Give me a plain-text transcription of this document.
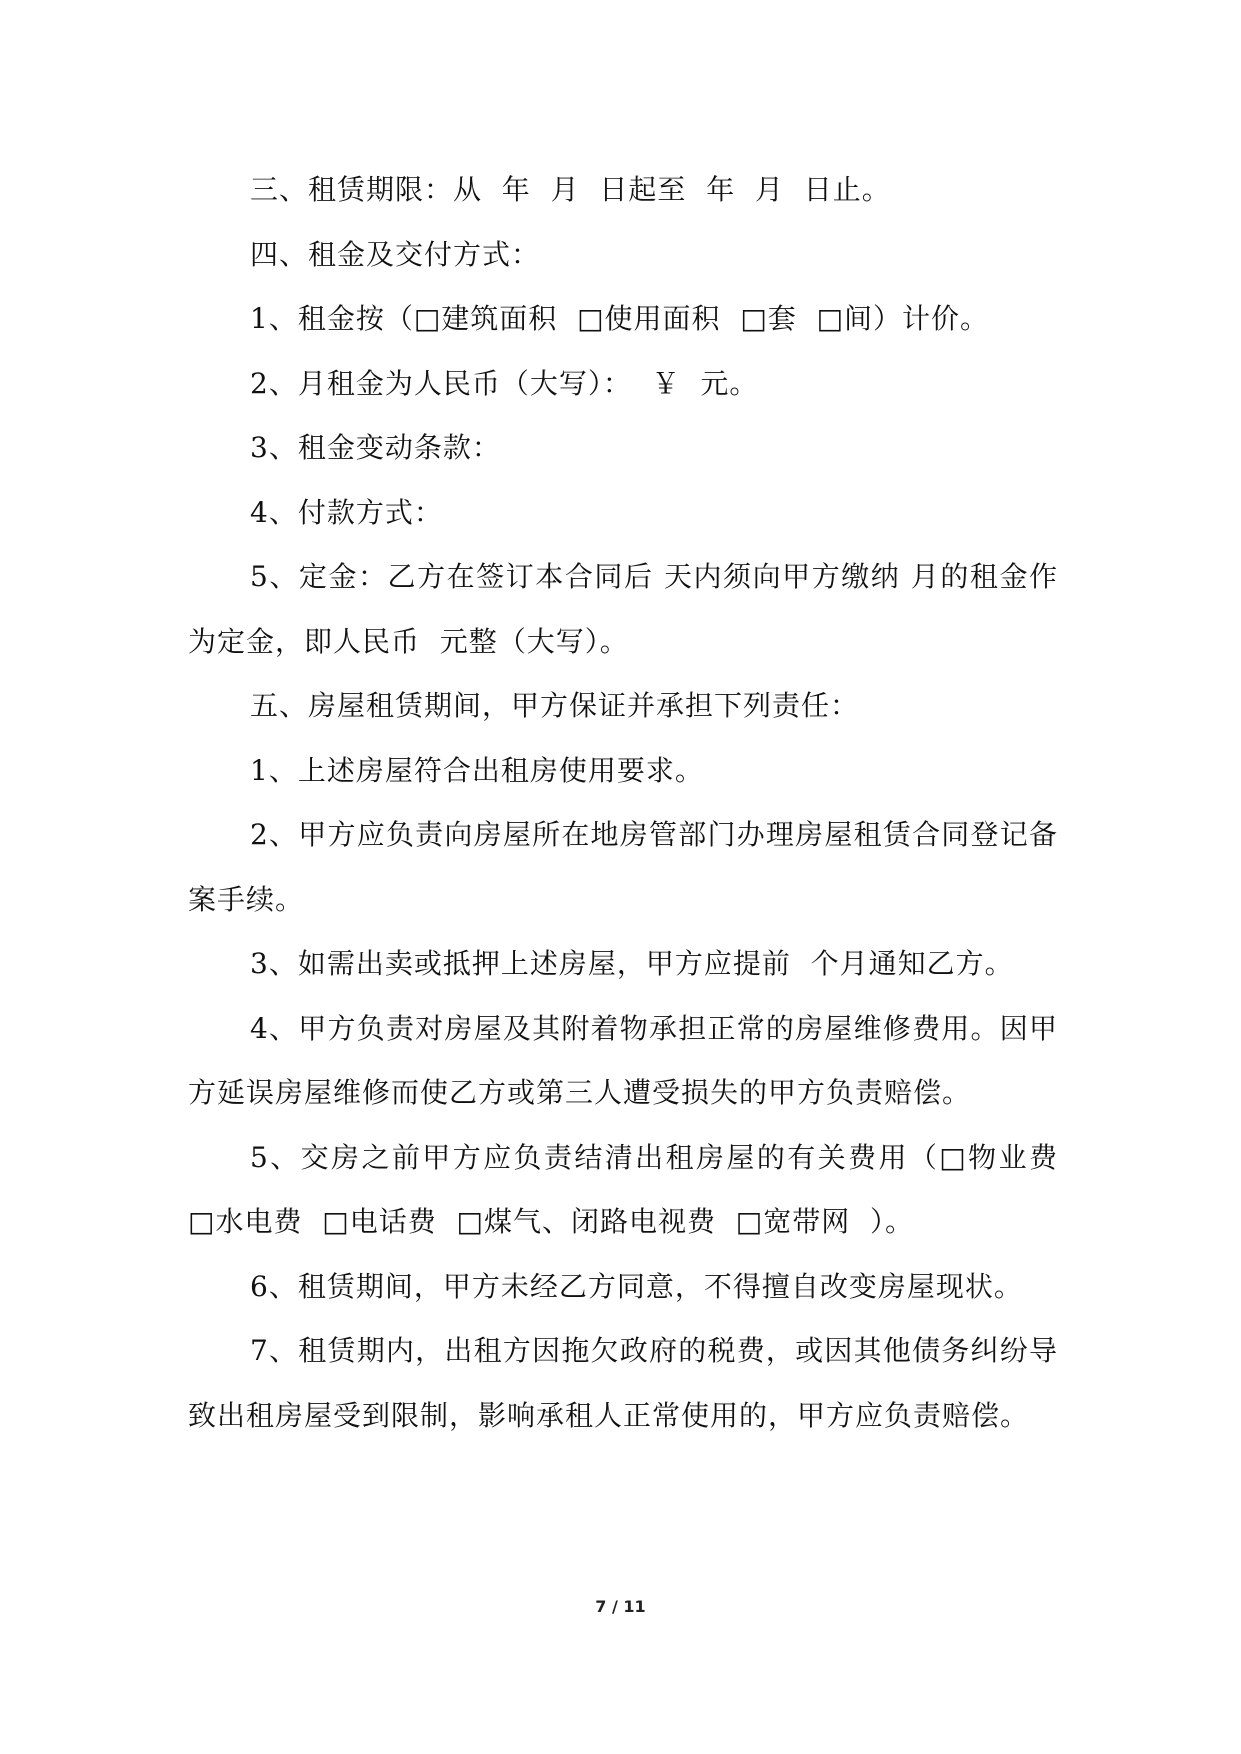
三、租赁期限：从  年  月  日起至  年  月  日止。

四、租金及交付方式：

1、租金按（□建筑面积  □使用面积  □套  □间）计价。

2、月租金为人民币（大写）：  ￥  元。

3、租金变动条款：

4、付款方式：

5、定金：乙方在签订本合同后 天内须向甲方缴纳 月的租金作为定金，即人民币  元整（大写）。

五、房屋租赁期间，甲方保证并承担下列责任：

1、上述房屋符合出租房使用要求。

2、甲方应负责向房屋所在地房管部门办理房屋租赁合同登记备案手续。

3、如需出卖或抵押上述房屋，甲方应提前  个月通知乙方。

4、甲方负责对房屋及其附着物承担正常的房屋维修费用。因甲方延误房屋维修而使乙方或第三人遭受损失的甲方负责赔偿。

5、交房之前甲方应负责结清出租房屋的有关费用（□物业费  □水电费  □电话费  □煤气、闭路电视费  □宽带网  ）。

6、租赁期间，甲方未经乙方同意，不得擅自改变房屋现状。

7、租赁期内，出租方因拖欠政府的税费，或因其他债务纠纷导致出租房屋受到限制，影响承租人正常使用的，甲方应负责赔偿。

7 / 11
